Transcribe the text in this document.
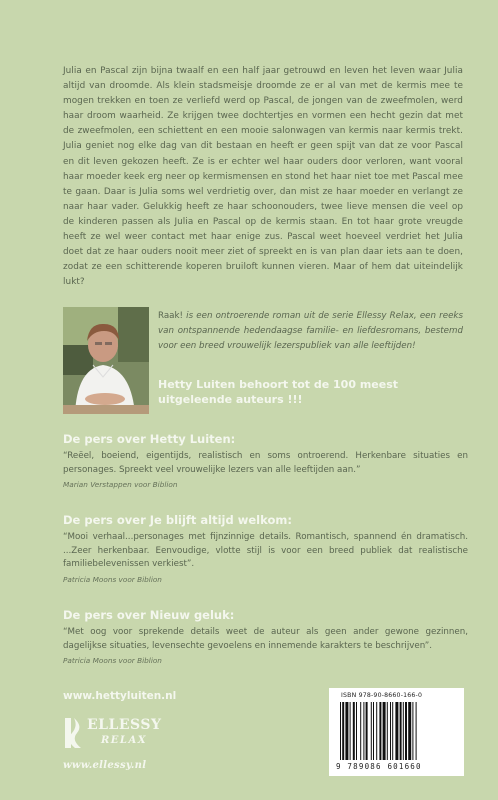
Julia en Pascal zijn bijna twaalf en een half jaar getrouwd en leven het leven waar Julia altijd van droomde. Als klein stadsmeisje droomde ze er al van met de kermis mee te mogen trekken en toen ze verliefd werd op Pascal, de jongen van de zweefmolen, werd haar droom waarheid. Ze krijgen twee dochtertjes en vormen een hecht gezin dat met de zweefmolen, een schiettent en een mooie salonwagen van kermis naar kermis trekt. Julia geniet nog elke dag van dit bestaan en heeft er geen spijt van dat ze voor Pascal en dit leven gekozen heeft. Ze is er echter wel haar ouders door verloren, want vooral haar moeder keek erg neer op kermismensen en stond het haar niet toe met Pascal mee te gaan. Daar is Julia soms wel verdrietig over, dan mist ze haar moeder en verlangt ze naar haar vader. Gelukkig heeft ze haar schoonouders, twee lieve mensen die veel op de kinderen passen als Julia en Pascal op de kermis staan. En tot haar grote vreugde heeft ze wel weer contact met haar enige zus. Pascal weet hoeveel verdriet het Julia doet dat ze haar ouders nooit meer ziet of spreekt en is van plan daar iets aan te doen, zodat ze een schitterende koperen bruiloft kunnen vieren. Maar of hem dat uiteindelijk lukt?

Raak! is een ontroerende roman uit de serie Ellessy Relax, een reeks van ontspannende hedendaagse familie- en liefdesromans, bestemd voor een breed vrouwelijk lezerspubliek van alle leeftijden!

Hetty Luiten behoort tot de 100 meest uitgeleende auteurs !!!

De pers over Hetty Luiten:
“Reëel, boeiend, eigentijds, realistisch en soms ontroerend. Herkenbare situaties en personages. Spreekt veel vrouwelijke lezers van alle leeftijden aan.”
Marian Verstappen voor Biblion
De pers over Je blijft altijd welkom:
“Mooi verhaal...personages met fijnzinnige details. Romantisch, spannend én dramatisch. ...Zeer herkenbaar. Eenvoudige, vlotte stijl is voor een breed publiek dat realistische familiebelevenissen verkiest”.
Patricia Moons voor Biblion
De pers over Nieuw geluk:
“Met oog voor sprekende details weet de auteur als geen ander gewone gezinnen, dagelijkse situaties, levensechte gevoelens en innemende karakters te beschrijven”.
Patricia Moons voor Biblion
www.hettyluiten.nl
ELLESSY
RELAX
www.ellessy.nl
ISBN 978-90-8660-166-0
9 789086 601660
